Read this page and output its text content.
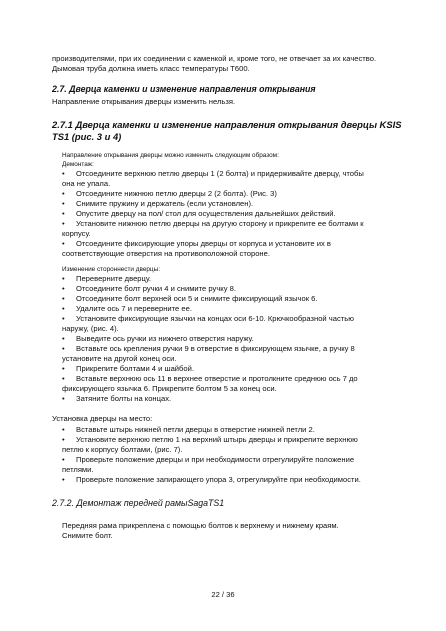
производителями, при их соединении с каменкой и, кроме того, не отвечает за их качество.

Дымовая труба должна иметь класс температуры T600.

2.7. Дверца каменки и изменение направления открывания

Направление открывания дверцы изменить нельзя.

2.7.1 Дверца каменки и изменение направления открывания дверцы KSIS
TS1 (рис. 3 и 4)

Направление открывания дверцы можно изменить следующим образом:

Демонтаж:

• Отсоедините верхнюю петлю дверцы 1 (2 болта) и придерживайте дверцу, чтобы

она не упала.

• Отсоедините нижнюю петлю дверцы 2 (2 болта). (Рис. 3)

• Снимите пружину и держатель (если установлен).

• Опустите дверцу на пол/ стол для осуществления дальнейших действий.

• Установите нижнюю петлю дверцы на другую сторону и прикрепите ее болтами к

корпусу.

• Отсоедините фиксирующие упоры дверцы от корпуса и установите их в

соответствующие отверстия на противоположной стороне.

Изменение стороннести дверцы:

• Переверните дверцу.

• Отсоедините болт ручки 4 и снимите ручку 8.

• Отсоедините болт верхней оси 5 и снимите фиксирующий язычок 6.

• Удалите ось 7 и переверните ее.

• Установите фиксирующие язычки на концах оси 6-10. Крючкообразной частью

наружу, (рис. 4).

• Выведите ось ручки из нижнего отверстия наружу.

• Вставьте ось крепления ручки 9 в отверстие в фиксирующем язычке, а ручку 8

установите на другой конец оси.

• Прикрепите болтами 4 и шайбой.

• Вставьте верхнюю ось 11 в верхнее отверстие и протолкните среднюю ось 7 до

фиксирующего язычка 6. Прикрепите болтом 5 за конец оси.

• Затяните болты на концах.

Установка дверцы на место:

• Вставьте штырь нижней петли дверцы в отверстие нижней петли 2.

• Установите верхнюю петлю 1 на верхний штырь дверцы и прикрепите верхнюю

петлю к корпусу болтами, (рис. 7).

• Проверьте положение дверцы и при необходимости отрегулируйте положение

петлями.

• Проверьте положение запирающего упора 3, отрегулируйте при необходимости.

2.7.2. Демонтаж передней рамыSagaTS1

Передняя рама прикреплена с помощью болтов к верхнему и нижнему краям.

Снимите болт.

22 / 36
